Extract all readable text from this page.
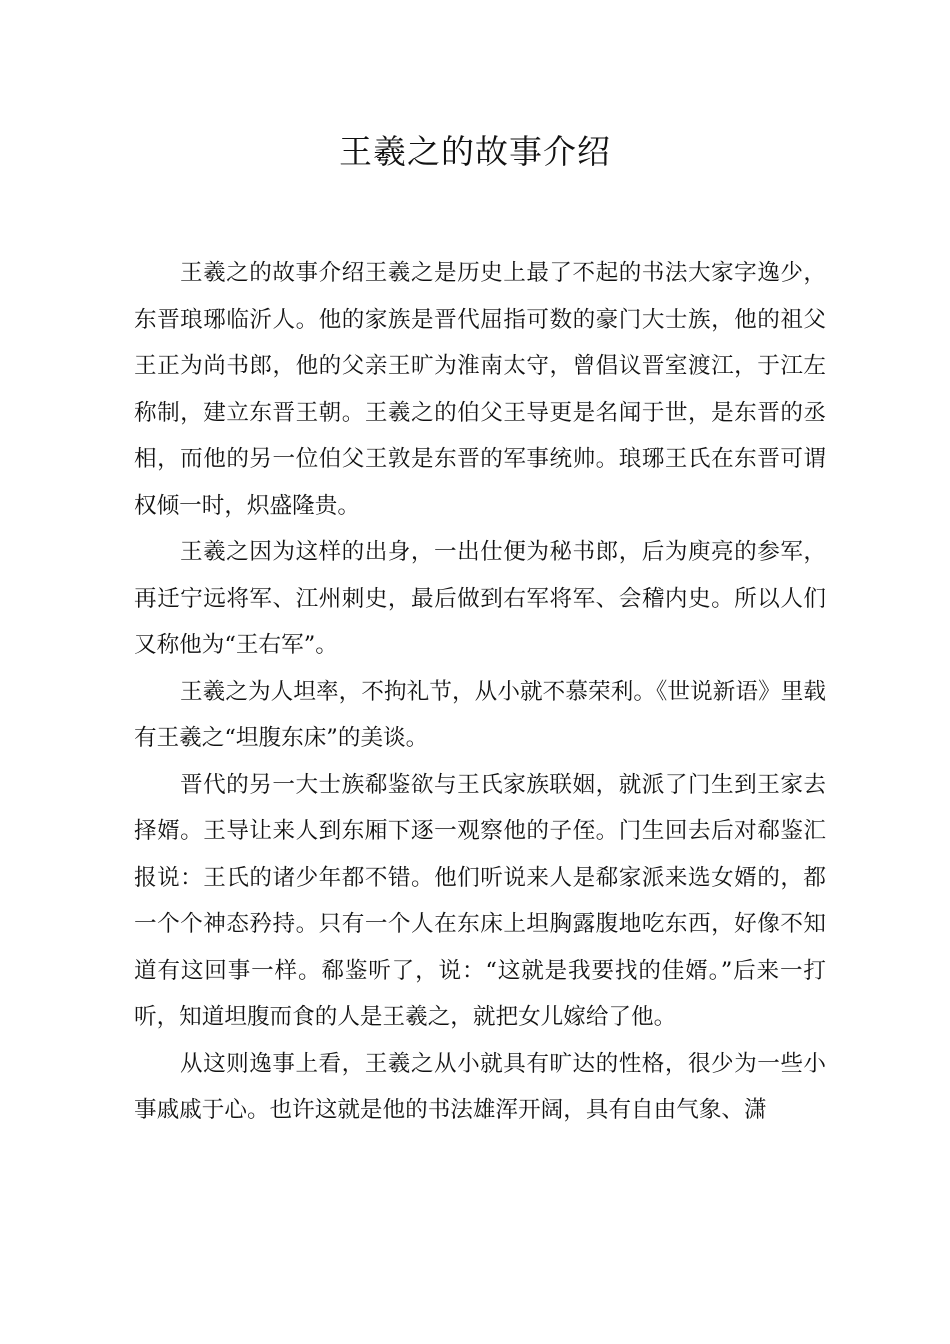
王羲之的故事介绍

王羲之的故事介绍王羲之是历史上最了不起的书法大家字逸少，东晋琅琊临沂人。他的家族是晋代屈指可数的豪门大士族，他的祖父王正为尚书郎，他的父亲王旷为淮南太守，曾倡议晋室渡江，于江左称制，建立东晋王朝。王羲之的伯父王导更是名闻于世，是东晋的丞相，而他的另一位伯父王敦是东晋的军事统帅。琅琊王氏在东晋可谓权倾一时，炽盛隆贵。

王羲之因为这样的出身，一出仕便为秘书郎，后为庾亮的参军，再迁宁远将军、江州刺史，最后做到右军将军、会稽内史。所以人们又称他为“王右军”。

王羲之为人坦率，不拘礼节，从小就不慕荣利。《世说新语》里载有王羲之“坦腹东床”的美谈。

晋代的另一大士族郗鉴欲与王氏家族联姻，就派了门生到王家去择婿。王导让来人到东厢下逐一观察他的子侄。门生回去后对郗鉴汇报说：王氏的诸少年都不错。他们听说来人是郗家派来选女婿的，都一个个神态矜持。只有一个人在东床上坦胸露腹地吃东西，好像不知道有这回事一样。郗鉴听了，说：“这就是我要找的佳婿。”后来一打听，知道坦腹而食的人是王羲之，就把女儿嫁给了他。

从这则逸事上看，王羲之从小就具有旷达的性格，很少为一些小事戚戚于心。也许这就是他的书法雄浑开阔，具有自由气象、潇
